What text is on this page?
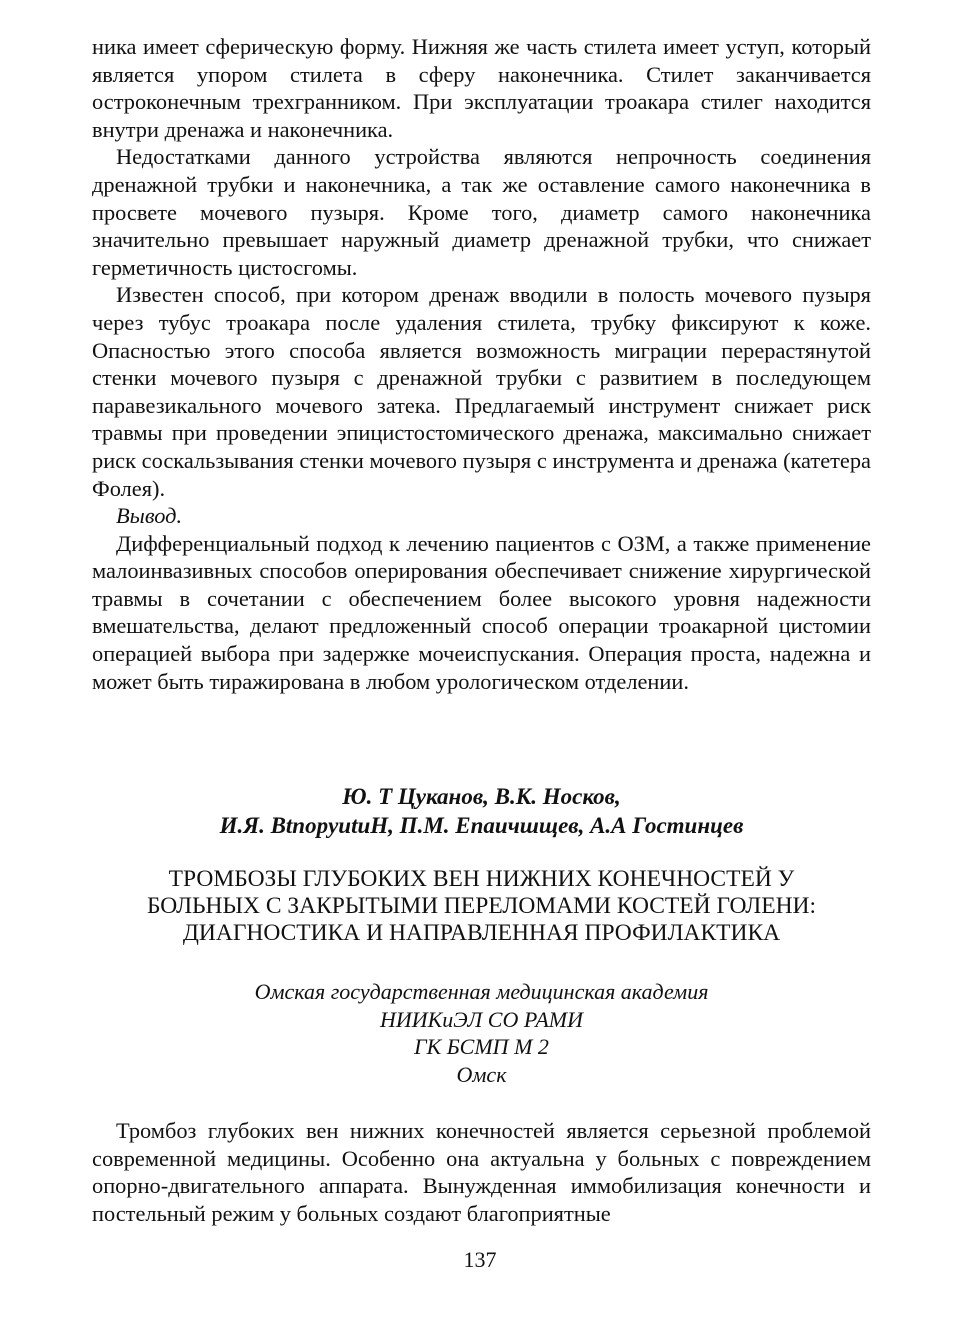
ника имеет сферическую форму. Нижняя же часть стилета имеет уступ, который является упором стилета в сферу наконечника. Стилет заканчивается остроконечным трехгранником. При эксплуатации троакара стилег находится внутри дренажа и наконечника.

Недостатками данного устройства являются непрочность соединения дренажной трубки и наконечника, а так же оставление самого наконечника в просвете мочевого пузыря. Кроме того, диаметр самого наконечника значительно превышает наружный диаметр дренажной трубки, что снижает герметичность цистосгомы.

Известен способ, при котором дренаж вводили в полость мочевого пузыря через тубус троакара после удаления стилета, трубку фиксируют к коже. Опасностью этого способа является возможность миграции перерастянутой стенки мочевого пузыря с дренажной трубки с развитием в последующем паравезикального мочевого затека. Предлагаемый инструмент снижает риск травмы при проведении эпицистостомического дренажа, максимально снижает риск соскальзывания стенки мочевого пузыря с инструмента и дренажа (катетера Фолея).

Вывод.

Дифференциальный подход к лечению пациентов с ОЗМ, а также применение малоинвазивных способов оперирования обеспечивает снижение хирургической травмы в сочетании с обеспечением более высокого уровня надежности вмешательства, делают предложенный способ операции троакарной цистомии операцией выбора при задержке мочеиспускания. Операция проста, надежна и может быть тиражирована в любом урологическом отделении.

Ю. Т Цуканов, В.К. Носков,
И.Я. BtnopyutuH, П.М. Епаичшщев, А.А Гостинцев
ТРОМБОЗЫ ГЛУБОКИХ ВЕН НИЖНИХ КОНЕЧНОСТЕЙ У
БОЛЬНЫХ С ЗАКРЫТЫМИ ПЕРЕЛОМАМИ КОСТЕЙ ГОЛЕНИ:
ДИАГНОСТИКА И НАПРАВЛЕННАЯ ПРОФИЛАКТИКА
Омская государственная медицинская академия
НИИКиЭЛ СО РАМИ
ГК БСМП М 2
Омск

Тромбоз глубоких вен нижних конечностей является серьезной проблемой современной медицины. Особенно она актуальна у больных с повреждением опорно-двигательного аппарата. Вынужденная иммобилизация конечности и постельный режим у больных создают благоприятные

137
